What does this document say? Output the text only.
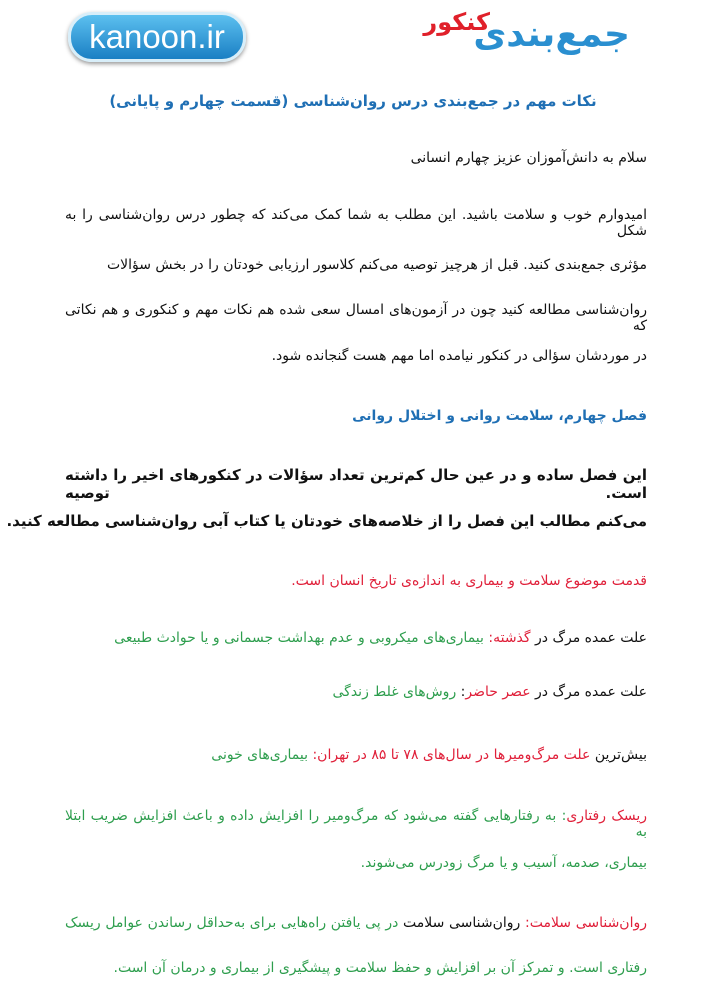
kanoon.ir	جمع‌بندی
کنکور
نکات مهم در جمع‌بندی درس روان‌شناسی (قسمت چهارم و پایانی)
سلام به دانش‌آموزان عزیز چهارم انسانی
امیدوارم خوب و سلامت باشید. این مطلب به شما کمک می‌کند که چطور درس روان‌شناسی را به شکل
مؤثری جمع‌بندی کنید. قبل از هرچیز توصیه می‌کنم کلاسور ارزیابی خودتان را در بخش سؤالات
روان‌شناسی مطالعه کنید چون در آزمون‌های امسال سعی شده هم نکات مهم و کنکوری و هم نکاتی که
در موردشان سؤالی در کنکور نیامده اما مهم هست گنجانده شود.
فصل چهارم، سلامت روانی و اختلال روانی
این فصل ساده و در عین حال کم‌ترین تعداد سؤالات در کنکورهای اخیر را داشته است. توصیه
می‌کنم مطالب این فصل را از خلاصه‌های خودتان یا کتاب آبی روان‌شناسی مطالعه کنید.
قدمت موضوع سلامت و بیماری به اندازه‌ی تاریخ انسان است.
علت عمده مرگ در گذشته: بیماری‌های میکروبی و عدم بهداشت جسمانی و یا حوادث طبیعی
علت عمده مرگ در عصر حاضر: روش‌های غلط زندگی
بیش‌ترین علت مرگ‌ومیرها در سال‌های ۷۸ تا ۸۵ در تهران: بیماری‌های خونی
ریسک رفتاری: به رفتارهایی گفته می‌شود که مرگ‌ومیر را افزایش داده و باعث افزایش ضریب ابتلا به
بیماری، صدمه، آسیب و یا مرگ زودرس می‌شوند.
روان‌شناسی سلامت: روان‌شناسی سلامت در پی یافتن راه‌هایی برای به‌حداقل رساندن عوامل ریسک
رفتاری است. و تمرکز آن بر افزایش و حفظ سلامت و پیشگیری از بیماری و درمان آن است.
